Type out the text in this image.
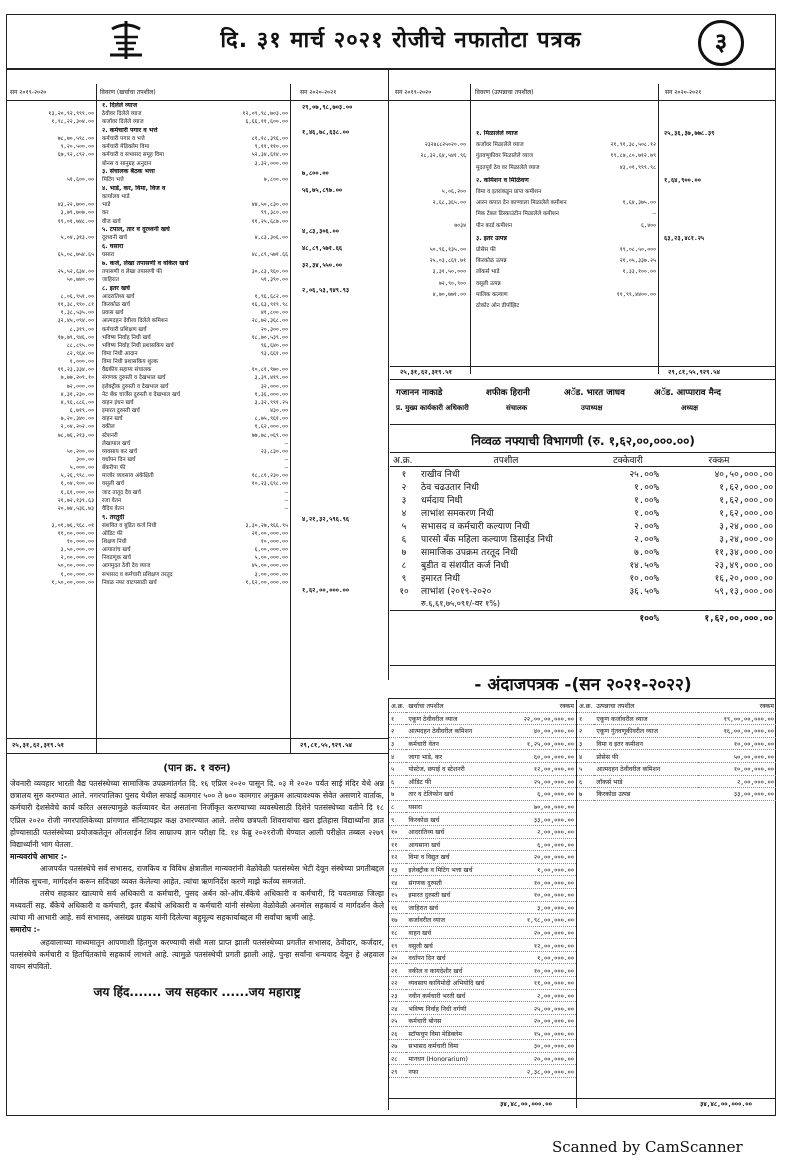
दि. ३१ मार्च २०२१ रोजीचे नफातोटा पत्रक	३
सन २०१९-२०२०	विवरण (खर्चाचा तपशील)	सन २०२०-२०२१	सन २०१९-२०२०	विवरण (उत्पन्नाचा तपशील)	सन २०२०-२०२१
१. दिलेले व्याज	२९,०७,९८,७०३.००
१३,२०,९२,९९९.०० ठेवीवर दिलेले व्याज	१२,०९,९८,७०३.००
१,९८,२२,३०४.०० कर्जावर दिलेले व्याज	६,६६,११,६००.००
२. कर्मचारी पगार व भत्ते	१,४६,७८,६३८.००
७८,७०,५९८.०० कर्मचारी पगार व भत्ते	८१,१८,३९६.००
९,२०,५००.०० कर्मचारी मेडिक्लेम विमा	९,११,११०.००
६७,९२,८९२.०० कर्मचारी व सभासद समूह विमा	५२,३४,६१४.००
बोनस व सानुग्रह अनुदान	३,३२,०००.००
३. संचालक बैठक भत्ता	७,८००.००
५१,६००.०० मिटिंग भत्ते	७,८००.००
४. भाडे, कर, विमा, विज व	५६,७५,८९७.००
कार्यालय भाडे
४३,२२,७००.०० भाडे	४४,५०,८३०.००
३,७९,७०७.०० कर	९९,३८०.००
१९,०१,७४८.०० वीज खर्च	११,२५,६८७.००
५. टपाल, तार व दूरध्वनी खर्च	४,८३,३०६.००
५,०४,३१३.०० दूरध्वनी खर्च	४,८३,३०६.००
६. घसारा	४८,८९,५७१.६६
६५,०८,७५४.६५ घसारा	४८,८९,५७१.६६
७. कर्ज, लेखा तपासणी व वकिल खर्च	३२,३४,५५०.००
२५,५२,६३४.०० तपासणी व लेखा तपासणी फी	३०,८३,९६०.००
५०,७४०.०० जाहिरात	५१,३९०.००
८. इतर खर्च	२,०६,५३,९४९.९३
८,०६,९५१.०० आदरातिथ्य खर्च	१,९६,६८२.००
११,३८,९९०.८१ किरकोळ खर्च	१६,६३,९१९.९८
१,३८,५३५.०० प्रवास खर्च	४१,८००.००
३२,४५,०९४.०० आत्मदहन देवीला दिलेले कमिशन	२८,७२,३६८.००
८,३१९.०० कर्मचारी प्रशिक्षण खर्च	२०,३००.००
१७,७९,९४६.०० भविष्य निर्वाह निधी खर्च	१८,७०,५३९.००
८८,८९५.०० भविष्य निर्वाह निधी प्रशासकिय खर्च	९६,६४०.००
८२,९६४.०० विमा निधी आदान	९३,६६१.००
१,०००.०० विमा निधी प्रशासकिय शुल्क
११,२३,३३४.०० वैद्यकीय सहाय्य संचालक	१०,८१,९७०.००
७,७७,२०९.१० संगणक दुरुस्ती व देखभाल खर्च	३,३९,४१९.००
७२,०००.०० इलेक्ट्रीक दुरुस्ती व देखभाल खर्च	३२,०००.००
४,३१,२३०.०० नेट बँक चार्जेस दुरुस्ती व देखभाल खर्च	१,३६,०००.००
४,९६,८८६.०० वाहन इंधन खर्च	३,३२,९९१.२५
६,७१९.०० इमारत दुरुस्ती खर्च	४३०.००
७,२०,३४०.०० वाहन खर्च	८,७५,९६१.००
२,०४,२०२.०० वकील	१,६२,०००.००
७८,७६,२१३.०० स्टेशनरी	७७,७८,०६९.००
लेखापाल खर्च	—
५०,२००.०० व्यवसाय कर खर्च	२३,८३०.००
३००.०० वर्धापन दिन खर्च	—
५,०००.०० बँकरीपा फी	—
५,२६,९९८.०० माजोर व्यवसाय अंकेक्षिती	१८,८१,२३०.००
१,०४,९००.०० वसूली खर्च	१०,२३,६९८.००
१,६१,०००.०० जाद तातूद दैव खर्च	—
२१,७२,१३९.६३ रजा वेतन	—
२०,७४,५३६.७३ वैदिय वेतन	—
९. तरतुदी	४,२१,३२,५९६.९६
३,०१,७६,९६८.०१ संशयित व बुडित कर्ज निधी	३,३०,२७,९६६.९५
११,००,०००.०० ऑडिट फी	२१,००,०००.००
१०,०००.०० शिक्षण निधी	१०,०००.००
३,५०,०००.०० आयातांच खर्च	६,००,०००.००
२,००,०००.०० निवडणूक खर्च	५,००,०००.००
५०,००,०००.०० आगमुदत ठेवी देव व्याज	४५,००,०००.००
१,००,०००.०० सभासद व कर्मचारी प्रशिक्षण तरतूद	३,००,०००.००
१,५०,००,०००.०० निवळ नफा वाटपसाठी खर्च	१,६२,००,०००.००
१,६२,००,०००.००
२५,३१,६२,३१९.५१	२९,८१,५५,९२९.५४
१. मिळालेले व्याज	२५,३६,३७,७७८.३९
२३२४८८२५०२०.०० कर्जावर मिळालेले व्याज	२१,९१,३८,५०८.१२
२८,३२,६४,५४१.९६ गुंतवणूकीवर मिळालेले व्याज	१९,८७,८०,७१२.७९
मुदतपूर्व ठेव वर मिळालेले व्याज	४३,०१,९९९.९८
२. कमिशन व मिळिवण	१,६४,९००.००
५,०६,२०० विमा व इतरांकडून प्राप्त कमीशन
२,६८,३६५.०० आरन कपात देन काण्याला मिळालेले कमीशन	१,६४,३७५.००
मिक टेबल डिस्काउंटीन मिळालेले कमीशन	—
७०३४ पीन कार्ड कमीशन	६,४००
३. इतर उत्पन्न	६३,२३,४८१.२५
५०,९६,१३५.०० प्रोसेस फी	१९,०८,५०,०००
२५,०३,८६१.७१ किरकोळ उत्पन्न	२१,०५,३३७.२५
३,३१,५०,००० लॉकर्स भाडे	१,३३,१००.००
७२,९०,९०० वसूली उत्पन्न
४,७०,७७१.०० मालिक कल्याण	११,९९,४४००.००
ठोकोट ओन डीपॉझिट
२५,३१,६२,३१९.५१	२९,८१,५५,९२९.५४
गजानन नाकाडे	शफीक हिरानी	अॅड. भारत जाधव	अॅड. आप्पाराव मैन्द
प्र. मुख्य कार्यकारी अधिकारी	संचालक	उपाध्यक्ष	अध्यक्ष
निव्वळ नफ्याची विभागणी (रु. १,६२,००,०००.००)
अ.क्र.	तपशील	टक्केवारी	रक्कम
१	राखीव निधी	२५.००%	४०,५०,०००.००
२	ठेव चढउतार निधी	१.००%	१,६२,०००.००
३	धर्मदाय निधी	१.००%	१,६२,०००.००
४	लाभांश समकरण निधी	१.००%	१,६२,०००.००
५	सभासद व कर्मचारी कल्याण निधी	२.००%	३,२४,०००.००
६	पारसो बँक महिला कल्याण डिसाईड निधी	२.००%	३,२४,०००.००
७	सामाजिक उपक्रम तरतूद निधी	७.००%	११,३४,०००.००
८	बुडीत व संशयीत कर्ज निधी	१४.५०%	२३,४९,०००.००
९	इमारत निधी	१०.००%	१६,२०,०००.००
१०	लाभांश (२०१९-२०२०	३६.५०%	५९,१३,०००.००
	रु.६,६१,७५,०९१/-वर १%)		
		१००%	१,६२,००,०००.००
- अंदाजपत्रक -(सन २०२१-२०२२)
अ.क्र.	खर्चाचा तपशील	रक्कम
१	एकूण ठेवीवरील व्याज	२२,००,००,०००.००
२	आत्मदहन ठेवीवरील कमिशन	४०,००,०००.००
३	कर्मचारी वेतन	१,२५,००,०००.००
४	जागा भाडे, कर	६०,००,०००.००
५	पोस्टेज, छपाई व स्टेशनरी	१२,००,०००.००
६	ऑडिट फी	२५,००,०००.००
७	तार व टेलिफोन खर्च	६,००,०००.००
८	घसारा	७०,००,०००.००
९	किरकोळ खर्च	३३,००,०००.००
१०	आदरातिथ्य खर्च	२,००,०००.००
११	आयसाना खर्च	६,००,०००.००
१२	विमा व विद्युत खर्च	२०,००,०००.००
१३	इलेक्ट्रीक व मिटिंग भत्ता खर्च	१,००,०००.००
१४	संगणक दुरुस्ती	१०,००,०००.००
१५	इमारत दुरुस्ती खर्च	१०,००,०००.००
१६	जाहिरात खर्च	३,००,०००.००
१७	कर्जावरील व्याज	१,९८,००,०००.००
१८	वाहन खर्च	२०,००,०००.००
१९	वसुली खर्च	१२,००,०००.००
२०	वर्धापन दिन खर्च	१,००,०००.००
२१	वकील व कायदेशीर खर्च	१०,००,०००.००
२२	व्यवसाय कायिमोदी अभियोदि खर्च	११,००,०००.००
२३	नवीन कर्मचारी भरती खर्च	२,००,०००.००
२४	भविष्य निर्वाह निधी वर्गणी	२५,००,०००.००
२५	कर्मचारी बोनस	२०,००,०००.००
२६	स्टॉफचुप विमा मेडिक्लेम	१५,००,०००.००
२७	सभासद कर्मचारी विमा	३०,००,०००.००
२८	मानधन (Honorarium)	२०,००,०००.००
२९	नफा	२,३८,००,०००.००
अ.क्र.	उत्पन्नाचा तपशील	रक्कम
१	एकूण कर्जावरील व्याज	१९,००,००,०००.००
२	एकूण गुंतवणूकीवरील व्याज	१६,००,००,०००.००
३	विमा व इतर कमीशन	१०,००,०००.००
४	प्रोसेस फी	५०,००,०००.००
५	आत्मदहन ठेवीवरील कमिशन	१०,००,०००.००
६	लॉकर्स भाडे	२,००,०००.००
७	किरकोळ उत्पन्न	३३,००,०००.००
३४,४८,००,०००.००	३४,४८,००,०००.००
(पान क्र. १ वरुन)
जेवनारी व्यवहार भारती वैद्य पतसंस्थेच्या सामाजिक उपक्रमांतर्गत दि. १६ एप्रिल २०२० पासून दि. ०३ मे २०२० पर्यंत साई मंदिर येथे अन्न छत्रालय सुरु करण्यात आले. नगरपालिका पुसद येथील सफाई कामगार ५०० ते ७०० कामगार अनुक्रम आत्यावश्यक सेवेत असणारे वार्ताक, कर्मचारी देशसेवेचे कार्य करित असल्यामुळे कर्तव्यावर येत असतांना निर्जीकृत करण्याच्या व्यवस्थेसाठी दिशेने पतसंस्थेच्या वतीने दि १८ एप्रिल २०२० रोजी नगरपालिकेच्या प्रांगणात सॅनिटायझर कक्ष उभारण्यात आले. तसेच छत्रपती शिवरायांचा खरा इतिहास विद्यार्थ्यांना ज्ञात होण्यासाठी पतसंस्थेच्या प्रयोजकतेतून ऑनलाईन शिव साम्राज्य ज्ञान परीक्षा दि. १४ फेब्रु २०२१रोजी घेण्यात आली परीक्षेत तब्बल २२७९ विद्यार्थ्यांनी भाग घेतला.
मान्यवरांचे आभार :-
आजपर्यंत पतसंस्थेचे सर्व सभासद, राजकिय व विविध क्षेत्रातील मान्यवरांनी वेळोवेळी पतसंस्थेस भेटी देवून संस्थेच्या प्रगतीबद्दल मौलिक सुचना, मार्गदर्शन करून सदिच्छा व्यक्त केलेल्या आहेत. त्यांचा ऋणनिर्देश करणे माझे कर्तव्य समजतो.
तसेच सहकार खात्याचे सर्व अधिकारी व कर्मचारी, पुसद अर्बन को-ऑप.बँकेचे अधिकारी व कर्मचारी, दि यवतमाळ जिल्हा मध्यवर्ती सह. बँकेचे अधिकारी व कर्मचारी, इतर बँकांचे अधिकारी व कर्मचारी यांनी संस्थेला वेळोवेळी अनमोल सहकार्य व मार्गदर्शन केले त्यांचा मी आभारी आहे. सर्व सभासद, असंख्य ग्राहक यांनी दिलेल्या बहुमूल्य सहकार्याबद्दल मी सर्वांचा ऋणी आहे.
समारोप :-
अहवालाच्या माध्यमातून आपणाशी हितगुज करण्याची संधी मला प्राप्त झाली पतसंस्थेच्या प्रगतीत सभासद, ठेवीदार, कर्जदार, पतसंस्थेचे कर्मचारी व हितचिंतकांचे सहकार्य लाभले आहे. त्यामुळे पतसंस्थेची प्रगती झाली आहे. पुन्हा सर्वांना धन्यवाद देवून हे अहवाल वाचन संपवितो.
जय हिंद....... जय सहकार ......जय महाराष्ट्र
Scanned by CamScanner
